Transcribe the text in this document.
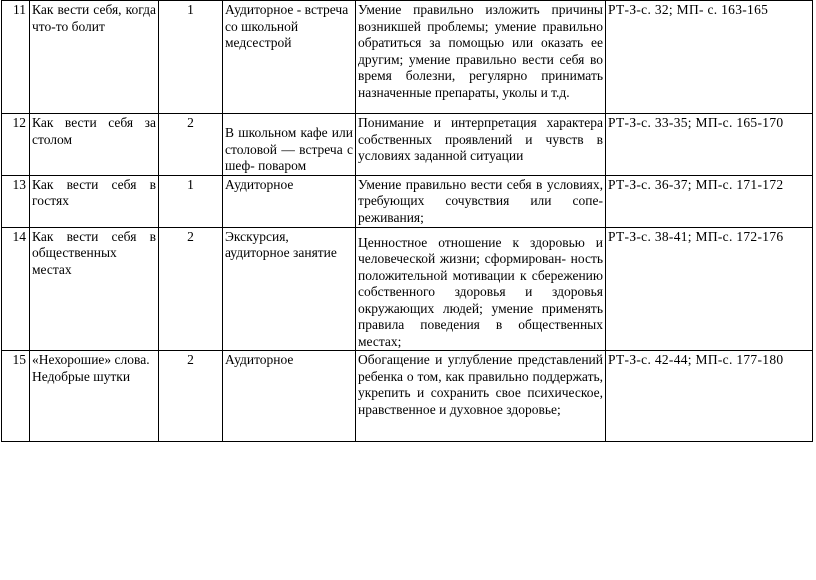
11	Как вести себя, когда что-то болит	1	Аудиторное - встреча со школьной медсестрой	Умение правильно изложить причины возникшей проблемы; умение правильно обратиться за помощью или оказать ее другим; умение правильно вести себя во время болезни, регулярно принимать назначенные препараты, уколы и т.д.	РТ-З-с. 32; МП- с. 163-165
12	Как вести себя за столом	2	В школьном кафе или столовой — встреча с шеф- поваром	Понимание и интерпретация характера собственных проявлений и чувств в условиях заданной ситуации	РТ-З-с. 33-35; МП-с. 165-170
13	Как вести себя в гостях	1	Аудиторное	Умение правильно вести себя в условиях, требующих сочувствия или сопе-реживания;	РТ-З-с. 36-37; МП-с. 171-172
14	Как вести себя в общественных местах	2	Экскурсия, аудиторное занятие	Ценностное отношение к здоровью и человеческой жизни; сформирован- ность положительной мотивации к сбережению собственного здоровья и здоровья окружающих людей; умение применять правила поведения в общественных местах;	РТ-З-с. 38-41; МП-с. 172-176
15	«Нехорошие» слова. Недобрые шутки	2	Аудиторное	Обогащение и углубление представлений ребенка о том, как правильно поддержать, укрепить и сохранить свое психическое, нравственное и духовное здоровье;	РТ-З-с. 42-44; МП-с. 177-180
